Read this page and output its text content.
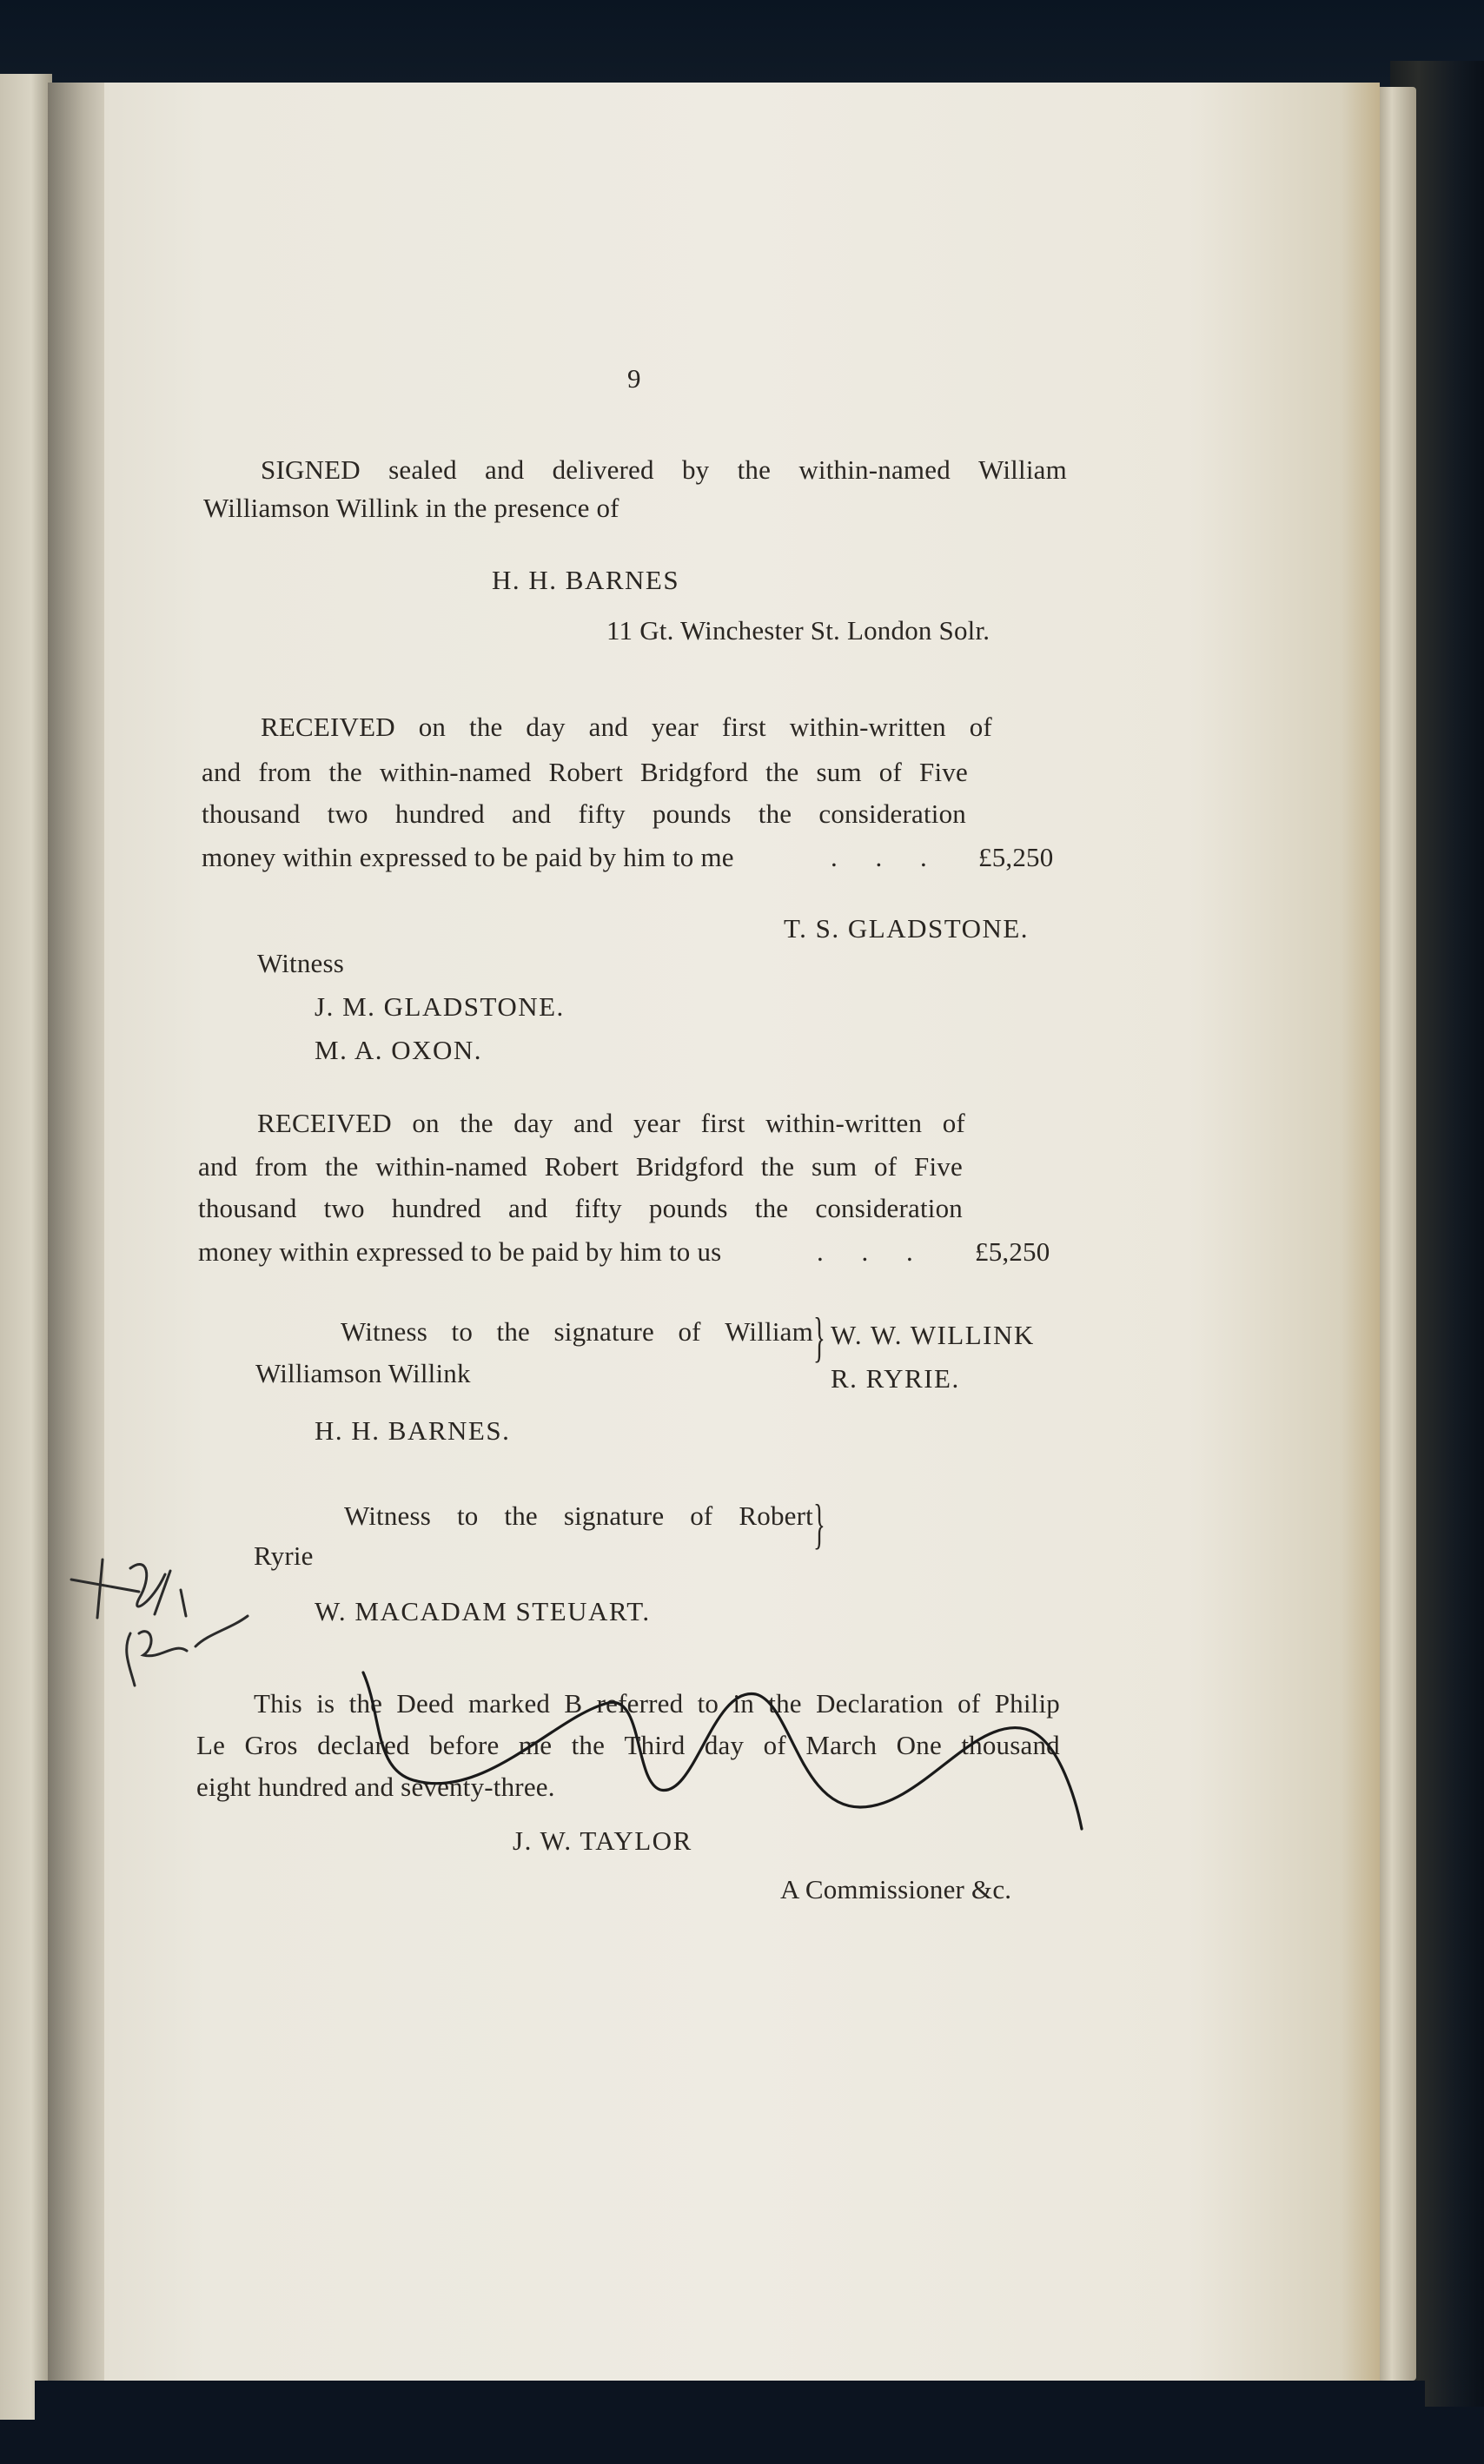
9
SIGNED sealed and delivered by the within-named William
Williamson Willink in the presence of
H. H. BARNES
11 Gt. Winchester St. London Solr.
RECEIVED on the day and year first within-written of
and from the within-named Robert Bridgford the sum of Five
thousand two hundred and fifty pounds the consideration
money within expressed to be paid by him to me	. . . £5,250
T. S. GLADSTONE.
Witness
J. M. GLADSTONE.
M. A. OXON.
RECEIVED on the day and year first within-written of
and from the within-named Robert Bridgford the sum of Five
thousand two hundred and fifty pounds the consideration
money within expressed to be paid by him to us	. . . £5,250
Witness to the signature of William
Williamson Willink
} W. W. WILLINK
R. RYRIE.
H. H. BARNES.
Witness to the signature of Robert
Ryrie
}
W. MACADAM STEUART.
This is the Deed marked B referred to in the Declaration of Philip
Le Gros declared before me the Third day of March One thousand
eight hundred and seventy-three.
J. W. TAYLOR
A Commissioner &c.
